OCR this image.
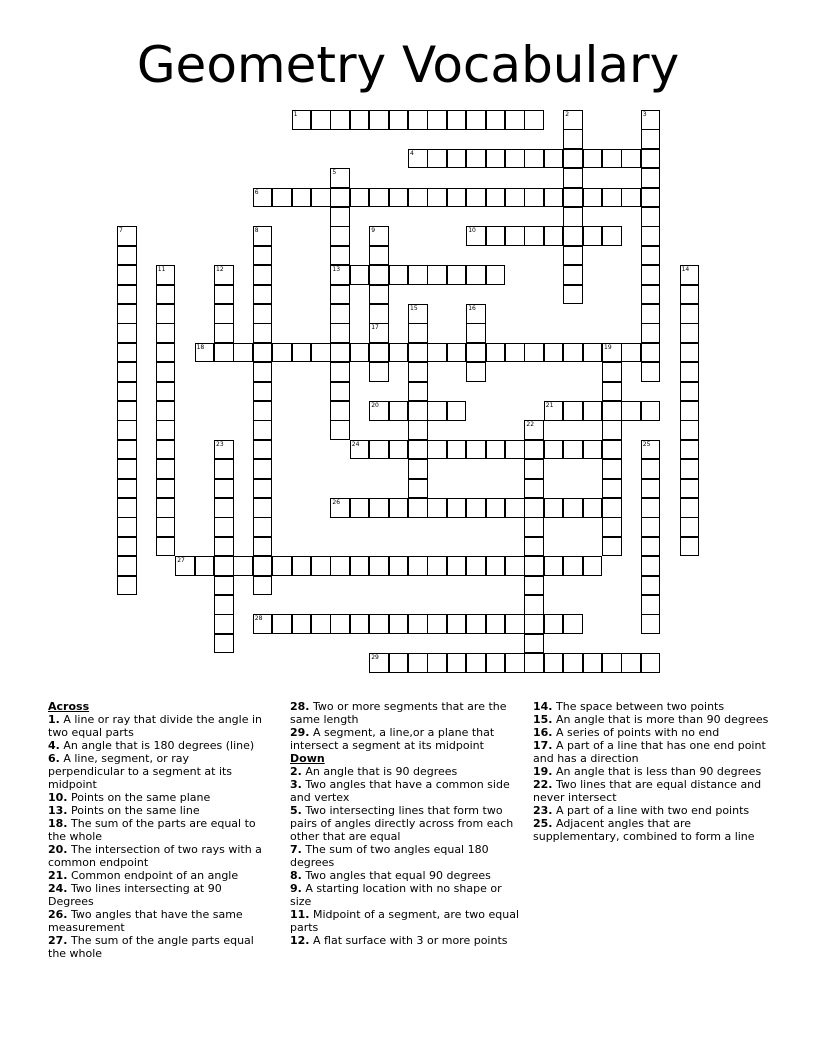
Geometry Vocabulary
1	2	3
4
5
13
6
7	8	9	10
11	12	14
15	16
17
18	19
20	21
22
23	24	25
26
27
28
29
Across
1. A line or ray that divide the angle in two equal parts
4. An angle that is 180 degrees (line)
6. A line, segment, or ray perpendicular to a segment at its midpoint
10. Points on the same plane
13. Points on the same line
18. The sum of the parts are equal to the whole
20. The intersection of two rays with a common endpoint
21. Common endpoint of an angle
24. Two lines intersecting at 90 Degrees
26. Two angles that have the same measurement
27. The sum of the angle parts equal the whole
28. Two or more segments that are the same length
29. A segment, a line,or a plane that intersect a segment at its midpoint
Down
2. An angle that is 90 degrees
3. Two angles that have a common side and vertex
5. Two intersecting lines that form two pairs of angles directly across from each other that are equal
7. The sum of two angles equal 180 degrees
8. Two angles that equal 90 degrees
9. A starting location with no shape or size
11. Midpoint of a segment, are two equal parts
12. A flat surface with 3 or more points
14. The space between two points
15. An angle that is more than 90 degrees
16. A series of points with no end
17. A part of a line that has one end point and has a direction
19. An angle that is less than 90 degrees
22. Two lines that are equal distance and never intersect
23. A part of a line with two end points
25. Adjacent angles that are supplementary, combined to form a line
